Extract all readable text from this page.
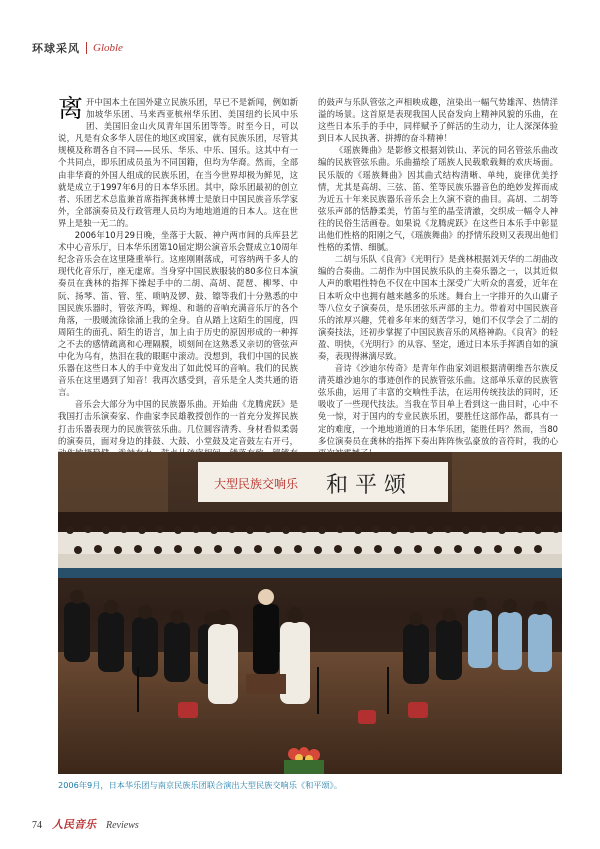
环球采风 Globle

离开中国本土在国外建立民族乐团，早已不是新闻，例如新加坡华乐团、马来西亚槟州华乐团、美国纽约长风中乐团、美国旧金山火凤青年国乐团等等。时至今日，可以说，凡是有众多华人居住的地区或国家，就有民族乐团，尽管其规模及称谓各自不同——民乐、华乐、中乐、国乐。这其中有一个共同点，即乐团成员虽为不同国籍，但均为华裔。然而，全部由非华裔的外国人组成的民族乐团，在当今世界却极为鲜见，这就是成立于1997年6月的日本华乐团。其中，除乐团最初的创立者、乐团艺术总监兼首席指挥龚林博士是旅日中国民族音乐学家外，全部演奏员及行政管理人员均为地地道道的日本人。这在世界上是独一无二的。

2006年10月29日晚，坐落于大阪、神户两市间的兵库县艺术中心音乐厅，日本华乐团第10届定期公演音乐会暨成立10周年纪念音乐会在这里隆重举行。这座刚刚落成，可容纳两千多人的现代化音乐厅，座无虚席。当身穿中国民族服装的80多位日本演奏员在龚林的指挥下操起手中的二胡、高胡、琵琶、柳琴、中阮、扬琴、笛、管、笙、唢呐及锣、鼓、镲等我们十分熟悉的中国民族乐器时，管弦齐鸣，辉煌、和谐的音响充满音乐厅的各个角落，一股暖流徐徐涌上我的全身。自从踏上这陌生的国度，四周陌生的面孔、陌生的语言，加上由于历史的原因形成的一种挥之不去的感情疏离和心理隔膜，顷刻间在这熟悉又亲切的管弦声中化为乌有，热泪在我的眼眶中滚动。没想到，我们中国的民族乐器在这些日本人的手中竟发出了如此悦耳的音响。我们的民族音乐在这里遇到了知音！我再次感受到，音乐是全人类共通的语言。

音乐会大部分为中国的民族器乐曲。开始曲《龙腾虎跃》是我国打击乐演奏家、作曲家李民雄教授创作的一首充分发挥民族打击乐器表现力的民族管弦乐曲。几位圆容清秀、身材看似柔弱的演奏员，面对身边的排鼓、大鼓、小堂鼓及定音鼓左右开弓，

的鼓声与乐队管弦之声相映成趣，渲染出一幅气势雄浑、热情洋溢的场景。这首原是表现我国人民奋发向上精神风貌的乐曲，在这些日本乐手的手中，同样赋予了鲜活的生动力，让人深深体验到日本人民执著、拼搏的奋斗精神！

《瑶族舞曲》是影修文根据刘铁山、茅沅的同名管弦乐曲改编的民族管弦乐曲。乐曲描绘了瑶族人民载歌载舞的欢庆场面。民乐版的《瑶族舞曲》因其曲式结构清晰、单纯，旋律优美抒情，尤其是高胡、三弦、笛、笙等民族乐器音色的绝妙发挥而成为近五十年来民族器乐音乐会上久演不衰的曲目。高胡、二胡等弦乐声部的恬静柔美，竹笛与笙的晶莹清澈，交织成一幅令人神往的民俗生活画卷。如果说《龙腾虎跃》在这些日本乐手中彰显出他们性格的阳刚之气，《瑶族舞曲》的抒情乐段则又表现出他们性格的柔情、细腻。

二胡与乐队《良宵》《光明行》是龚林根据刘天华的二胡曲改编的合奏曲。二胡作为中国民族乐队的主奏乐器之一，以其近似人声的歌唱性特色不仅在中国本土深受广大听众的喜爱，近年在日本听众中也拥有越来越多的乐迷。舞台上一字排开的久山庸子等八位女子演奏员，是乐团弦乐声部的主力。带着对中国民族音乐的浓厚兴趣，凭着多年来的刻苦学习，她们不仅学会了二胡的演奏技法，还初步掌握了中国民族音乐的风格神韵。《良宵》的轻盈、明快，《光明行》的从容、坚定，通过日本乐手挥洒自如的演奏，表现得淋漓尽致。

音诗《沙迪尔传奇》是青年作曲家刘诅根据清朝维吾尔族反清英雄沙迪尔的事迹创作的民族管弦乐曲。这部单乐章的民族管弦乐曲，运用了丰富的交响性手法，在运用传统技法的同时，还吸收了一些现代技法。当我在节目单上看到这一曲目时，心中不免一惊，对于国内的专业民族乐团，要胜任这部作品，都具有一定的难度，一个地地道道的日本华乐团，能胜任吗？然而，当80多位演奏员在龚林的指挥下奏出阵阵恢弘豪放的音符时，我的心

大型民族交响乐 和 平 颂
2006年9月，日本华乐团与南京民族乐团联合演出大型民族交响乐《和平颂》。
74 人民音乐 Reviews
